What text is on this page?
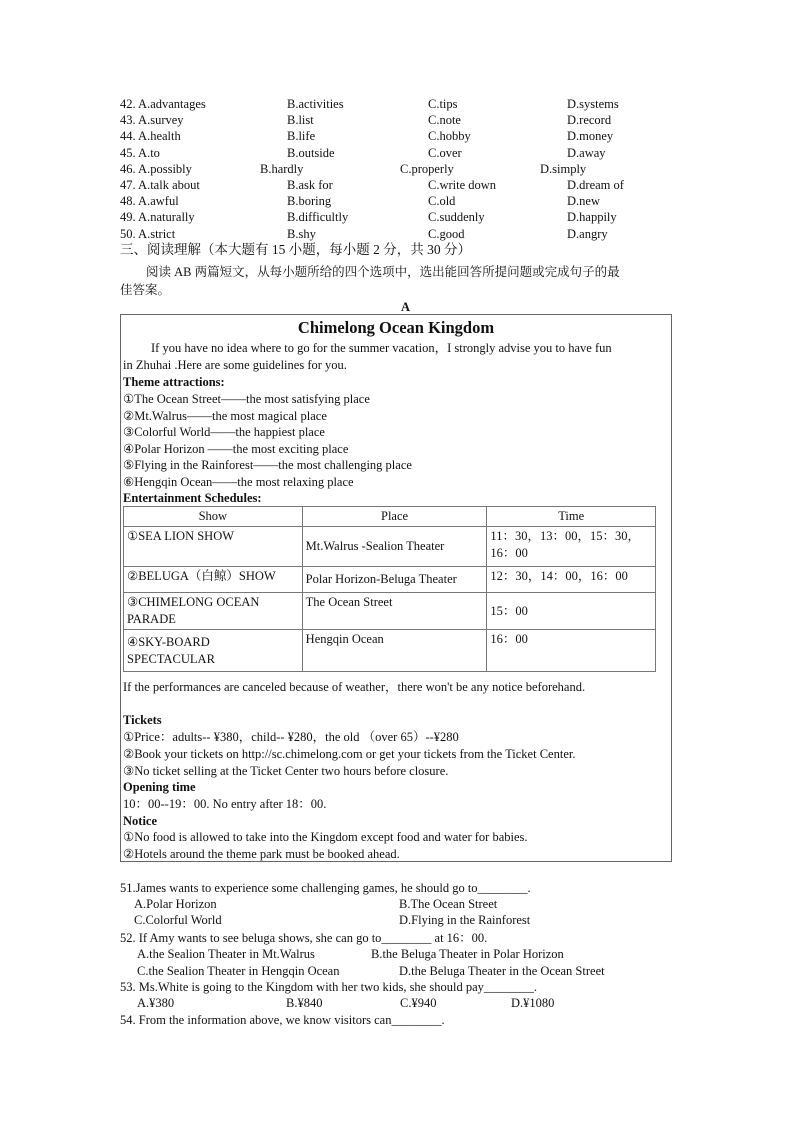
42. A.advantages	B.activities	C.tips	D.systems
43. A.survey	B.list	C.note	D.record
44. A.health	B.life	C.hobby	D.money
45. A.to	B.outside	C.over	D.away
46. A.possibly	B.hardly	C.properly	D.simply
47. A.talk about	B.ask for	C.write down	D.dream of
48. A.awful	B.boring	C.old	D.new
49. A.naturally	B.difficultly	C.suddenly	D.happily
50. A.strict	B.shy	C.good	D.angry
三、阅读理解（本大题有 15 小题，每小题 2 分，共 30 分）
阅读 AB 两篇短文，从每小题所给的四个选项中，选出能回答所提问题或完成句子的最
佳答案。
A
Chimelong Ocean Kingdom
If you have no idea where to go for the summer vacation，I strongly advise you to have fun
in Zhuhai .Here are some guidelines for you.
Theme attractions:
①The Ocean Street——the most satisfying place
②Mt.Walrus——the most magical place
③Colorful World——the happiest place
④Polar Horizon ——the most exciting place
⑤Flying in the Rainforest——the most challenging place
⑥Hengqin Ocean——the most relaxing place
Entertainment Schedules:
Show	Place	Time
①SEA LION SHOW	Mt.Walrus -Sealion Theater	11：30，13：00，15：30，16：00
②BELUGA（白鲸）SHOW	Polar Horizon-Beluga Theater	12：30，14：00，16：00
③CHIMELONG OCEAN PARADE	The Ocean Street	15：00
④SKY-BOARD SPECTACULAR	Hengqin Ocean	16：00
If the performances are canceled because of weather，there won't be any notice beforehand.
Tickets
①Price：adults-- ¥380，child-- ¥280，the old （over 65）--¥280
②Book your tickets on http://sc.chimelong.com or get your tickets from the Ticket Center.
③No ticket selling at the Ticket Center two hours before closure.
Opening time
10：00--19：00. No entry after 18：00.
Notice
①No food is allowed to take into the Kingdom except food and water for babies.
②Hotels around the theme park must be booked ahead.
51.James wants to experience some challenging games, he should go to________.
A.Polar Horizon	B.The Ocean Street
C.Colorful World	D.Flying in the Rainforest
52. If Amy wants to see beluga shows, she can go to________ at 16：00.
A.the Sealion Theater in Mt.Walrus	B.the Beluga Theater in Polar Horizon
C.the Sealion Theater in Hengqin Ocean	D.the Beluga Theater in the Ocean Street
53. Ms.White is going to the Kingdom with her two kids, she should pay________.
A.¥380	B.¥840	C.¥940	D.¥1080
54. From the information above, we know visitors can________.
